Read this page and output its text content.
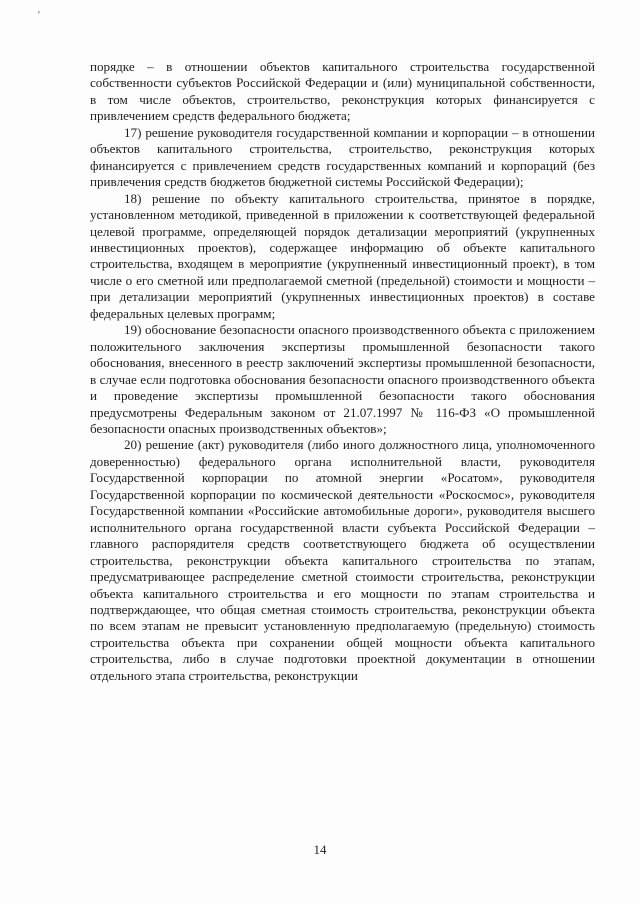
’

порядке – в отношении объектов капитального строительства государственной собственности субъектов Российской Федерации и (или) муниципальной собственности, в том числе объектов, строительство, реконструкция которых финансируется с привлечением средств федерального бюджета;

17) решение руководителя государственной компании и корпорации – в отношении объектов капитального строительства, строительство, реконструкция которых финансируется с привлечением средств государственных компаний и корпораций (без привлечения средств бюджетов бюджетной системы Российской Федерации);

18) решение по объекту капитального строительства, принятое в порядке, установленном методикой, приведенной в приложении к соответствующей федеральной целевой программе, определяющей порядок детализации мероприятий (укрупненных инвестиционных проектов), содержащее информацию об объекте капитального строительства, входящем в мероприятие (укрупненный инвестиционный проект), в том числе о его сметной или предполагаемой сметной (предельной) стоимости и мощности – при детализации мероприятий (укрупненных инвестиционных проектов) в составе федеральных целевых программ;

19) обоснование безопасности опасного производственного объекта с приложением положительного заключения экспертизы промышленной безопасности такого обоснования, внесенного в реестр заключений экспертизы промышленной безопасности, в случае если подготовка обоснования безопасности опасного производственного объекта и проведение экспертизы промышленной безопасности такого обоснования предусмотрены Федеральным законом от 21.07.1997 № 116-ФЗ «О промышленной безопасности опасных производственных объектов»;

20) решение (акт) руководителя (либо иного должностного лица, уполномоченного доверенностью) федерального органа исполнительной власти, руководителя Государственной корпорации по атомной энергии «Росатом», руководителя Государственной корпорации по космической деятельности «Роскосмос», руководителя Государственной компании «Российские автомобильные дороги», руководителя высшего исполнительного органа государственной власти субъекта Российской Федерации – главного распорядителя средств соответствующего бюджета об осуществлении строительства, реконструкции объекта капитального строительства по этапам, предусматривающее распределение сметной стоимости строительства, реконструкции объекта капитального строительства и его мощности по этапам строительства и подтверждающее, что общая сметная стоимость строительства, реконструкции объекта по всем этапам не превысит установленную предполагаемую (предельную) стоимость строительства объекта при сохранении общей мощности объекта капитального строительства, либо в случае подготовки проектной документации в отношении отдельного этапа строительства, реконструкции

14
